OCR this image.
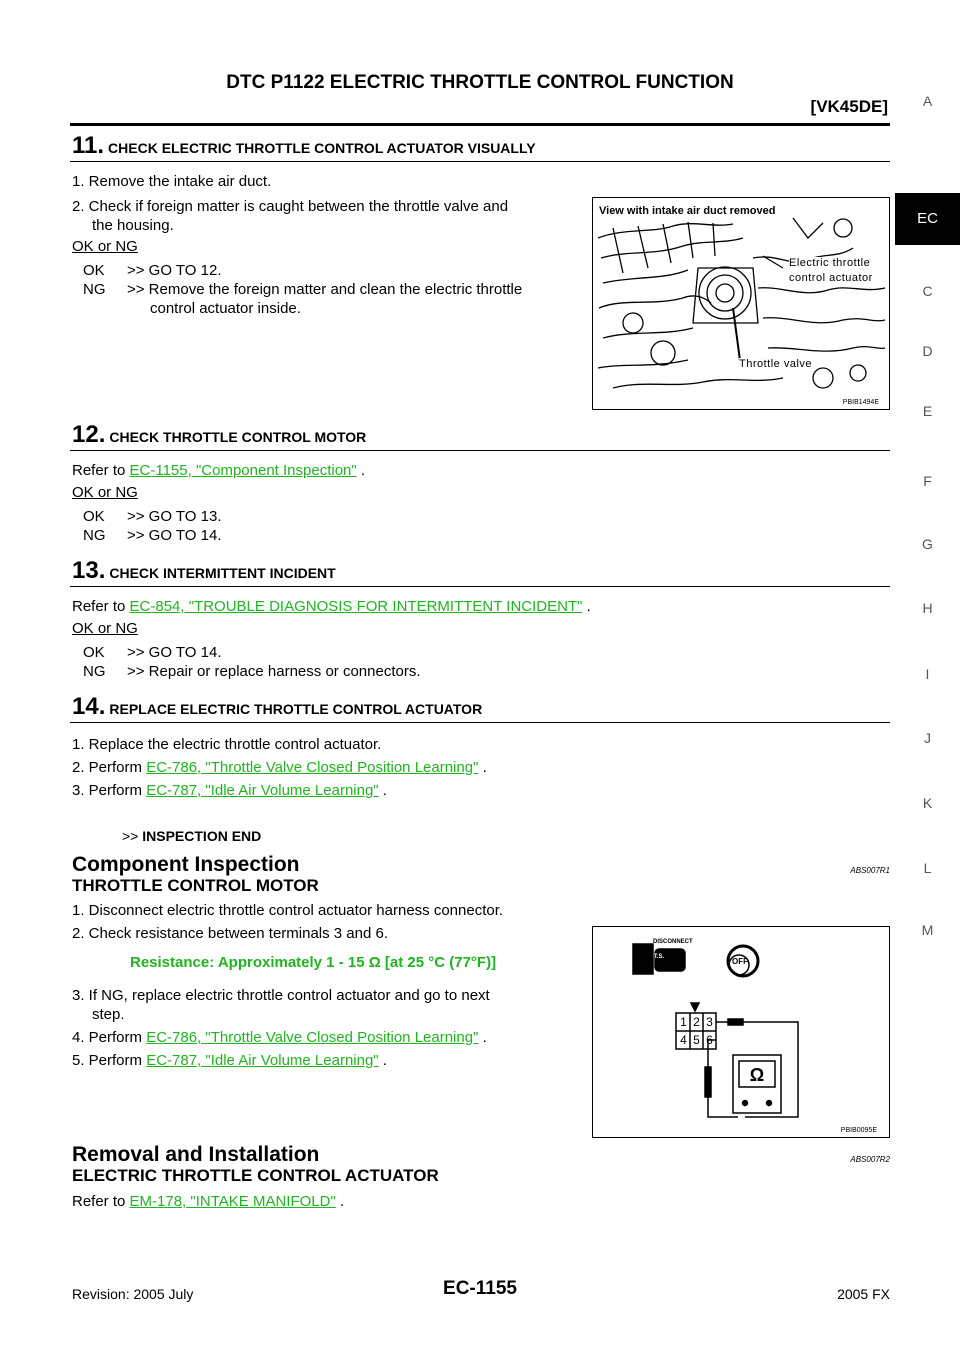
DTC P1122 ELECTRIC THROTTLE CONTROL FUNCTION
[VK45DE]	A
EC
C
D
E
F
G
H
I
J
K
L
M
11. CHECK ELECTRIC THROTTLE CONTROL ACTUATOR VISUALLY
1. Remove the intake air duct.
2. Check if foreign matter is caught between the throttle valve and
the housing.
OK or NG
OK >> GO TO 12.
NG >> Remove the foreign matter and clean the electric throttle
control actuator inside.
View with intake air duct removed
Electric throttle
control actuator
Throttle valve
PBIB1494E
12. CHECK THROTTLE CONTROL MOTOR
Refer to EC-1155, "Component Inspection" .
OK or NG
OK >> GO TO 13.
NG >> GO TO 14.
13. CHECK INTERMITTENT INCIDENT
Refer to EC-854, "TROUBLE DIAGNOSIS FOR INTERMITTENT INCIDENT" .
OK or NG
OK >> GO TO 14.
NG >> Repair or replace harness or connectors.
14. REPLACE ELECTRIC THROTTLE CONTROL ACTUATOR
1. Replace the electric throttle control actuator.
2. Perform EC-786, "Throttle Valve Closed Position Learning" .
3. Perform EC-787, "Idle Air Volume Learning" .
>> INSPECTION END
Component Inspection	ABS007R1
THROTTLE CONTROL MOTOR
1. Disconnect electric throttle control actuator harness connector.
2. Check resistance between terminals 3 and 6.
Resistance: Approximately 1 - 15 Ω [at 25 °C (77°F)]
3. If NG, replace electric throttle control actuator and go to next
step.
4. Perform EC-786, "Throttle Valve Closed Position Learning" .
5. Perform EC-787, "Idle Air Volume Learning" .
T.S.
DISCONNECT
OFF
Ω
1 2 3
4 5 6
PBIB0095E
Removal and Installation	ABS007R2
ELECTRIC THROTTLE CONTROL ACTUATOR
Refer to EM-178, "INTAKE MANIFOLD" .
Revision: 2005 July	EC-1155	2005 FX
